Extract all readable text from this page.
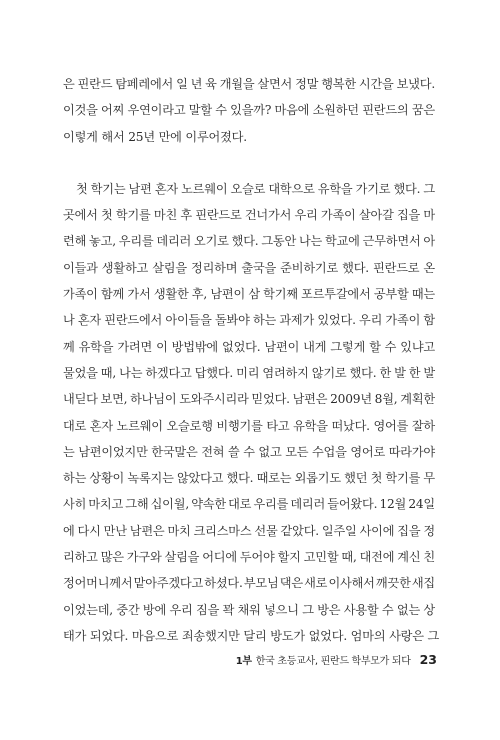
은 핀란드 탐페레에서 일 년 육 개월을 살면서 정말 행복한 시간을 보냈다.
이것을 어찌 우연이라고 말할 수 있을까? 마음에 소원하던 핀란드의 꿈은
이렇게 해서 25년 만에 이루어졌다.
첫 학기는 남편 혼자 노르웨이 오슬로 대학으로 유학을 가기로 했다. 그
곳에서 첫 학기를 마친 후 핀란드로 건너가서 우리 가족이 살아갈 집을 마
련해 놓고, 우리를 데리러 오기로 했다. 그동안 나는 학교에 근무하면서 아
이들과 생활하고 살림을 정리하며 출국을 준비하기로 했다. 핀란드로 온
가족이 함께 가서 생활한 후, 남편이 삼 학기째 포르투갈에서 공부할 때는
나 혼자 핀란드에서 아이들을 돌봐야 하는 과제가 있었다. 우리 가족이 함
께 유학을 가려면 이 방법밖에 없었다. 남편이 내게 그렇게 할 수 있냐고
물었을 때, 나는 하겠다고 답했다. 미리 염려하지 않기로 했다. 한 발 한 발
내딛다 보면, 하나님이 도와주시리라 믿었다. 남편은 2009년 8월, 계획한
대로 혼자 노르웨이 오슬로행 비행기를 타고 유학을 떠났다. 영어를 잘하
는 남편이었지만 한국말은 전혀 쓸 수 없고 모든 수업을 영어로 따라가야
하는 상황이 녹록지는 않았다고 했다. 때로는 외롭기도 했던 첫 학기를 무
사히 마치고 그해 십이월, 약속한 대로 우리를 데리러 들어왔다. 12월 24일
에 다시 만난 남편은 마치 크리스마스 선물 같았다. 일주일 사이에 집을 정
리하고 많은 가구와 살림을 어디에 두어야 할지 고민할 때, 대전에 계신 친
정어머니께서 맡아주겠다고 하셨다. 부모님 댁은 새로 이사해서 깨끗한 새집
이었는데, 중간 방에 우리 짐을 꽉 채워 넣으니 그 방은 사용할 수 없는 상
태가 되었다. 마음으로 죄송했지만 달리 방도가 없었다. 엄마의 사랑은 그
1부 한국 초등교사, 핀란드 학부모가 되다 23
